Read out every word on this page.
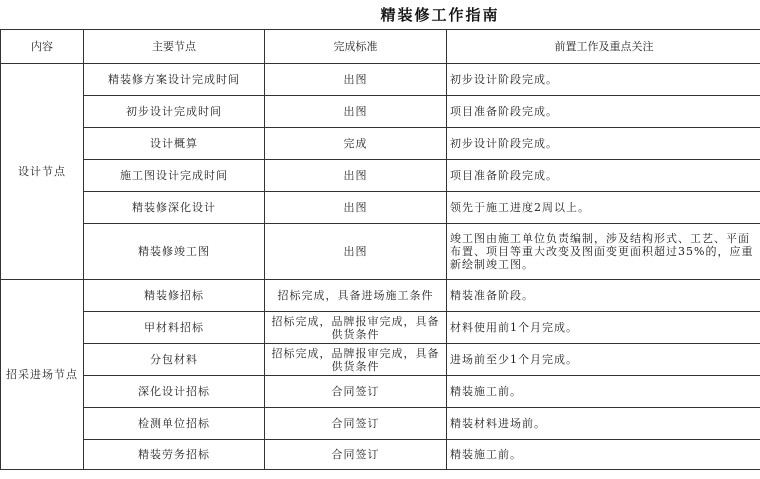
精装修工作指南
内容	主要节点	完成标准	前置工作及重点关注
设计节点	精装修方案设计完成时间	出图	初步设计阶段完成。
	初步设计完成时间	出图	项目准备阶段完成。
	设计概算	完成	初步设计阶段完成。
	施工图设计完成时间	出图	项目准备阶段完成。
	精装修深化设计	出图	领先于施工进度2周以上。
	精装修竣工图	出图	竣工图由施工单位负责编制，涉及结构形式、工艺、平面布置、项目等重大改变及图面变更面积超过35%的，应重新绘制竣工图。
招采进场节点	精装修招标	招标完成，具备进场施工条件	精装准备阶段。
	甲材料招标	招标完成，品牌报审完成，具备供货条件	材料使用前1个月完成。
	分包材料	招标完成，品牌报审完成，具备供货条件	进场前至少1个月完成。
	深化设计招标	合同签订	精装施工前。
	检测单位招标	合同签订	精装材料进场前。
	精装劳务招标	合同签订	精装施工前。
